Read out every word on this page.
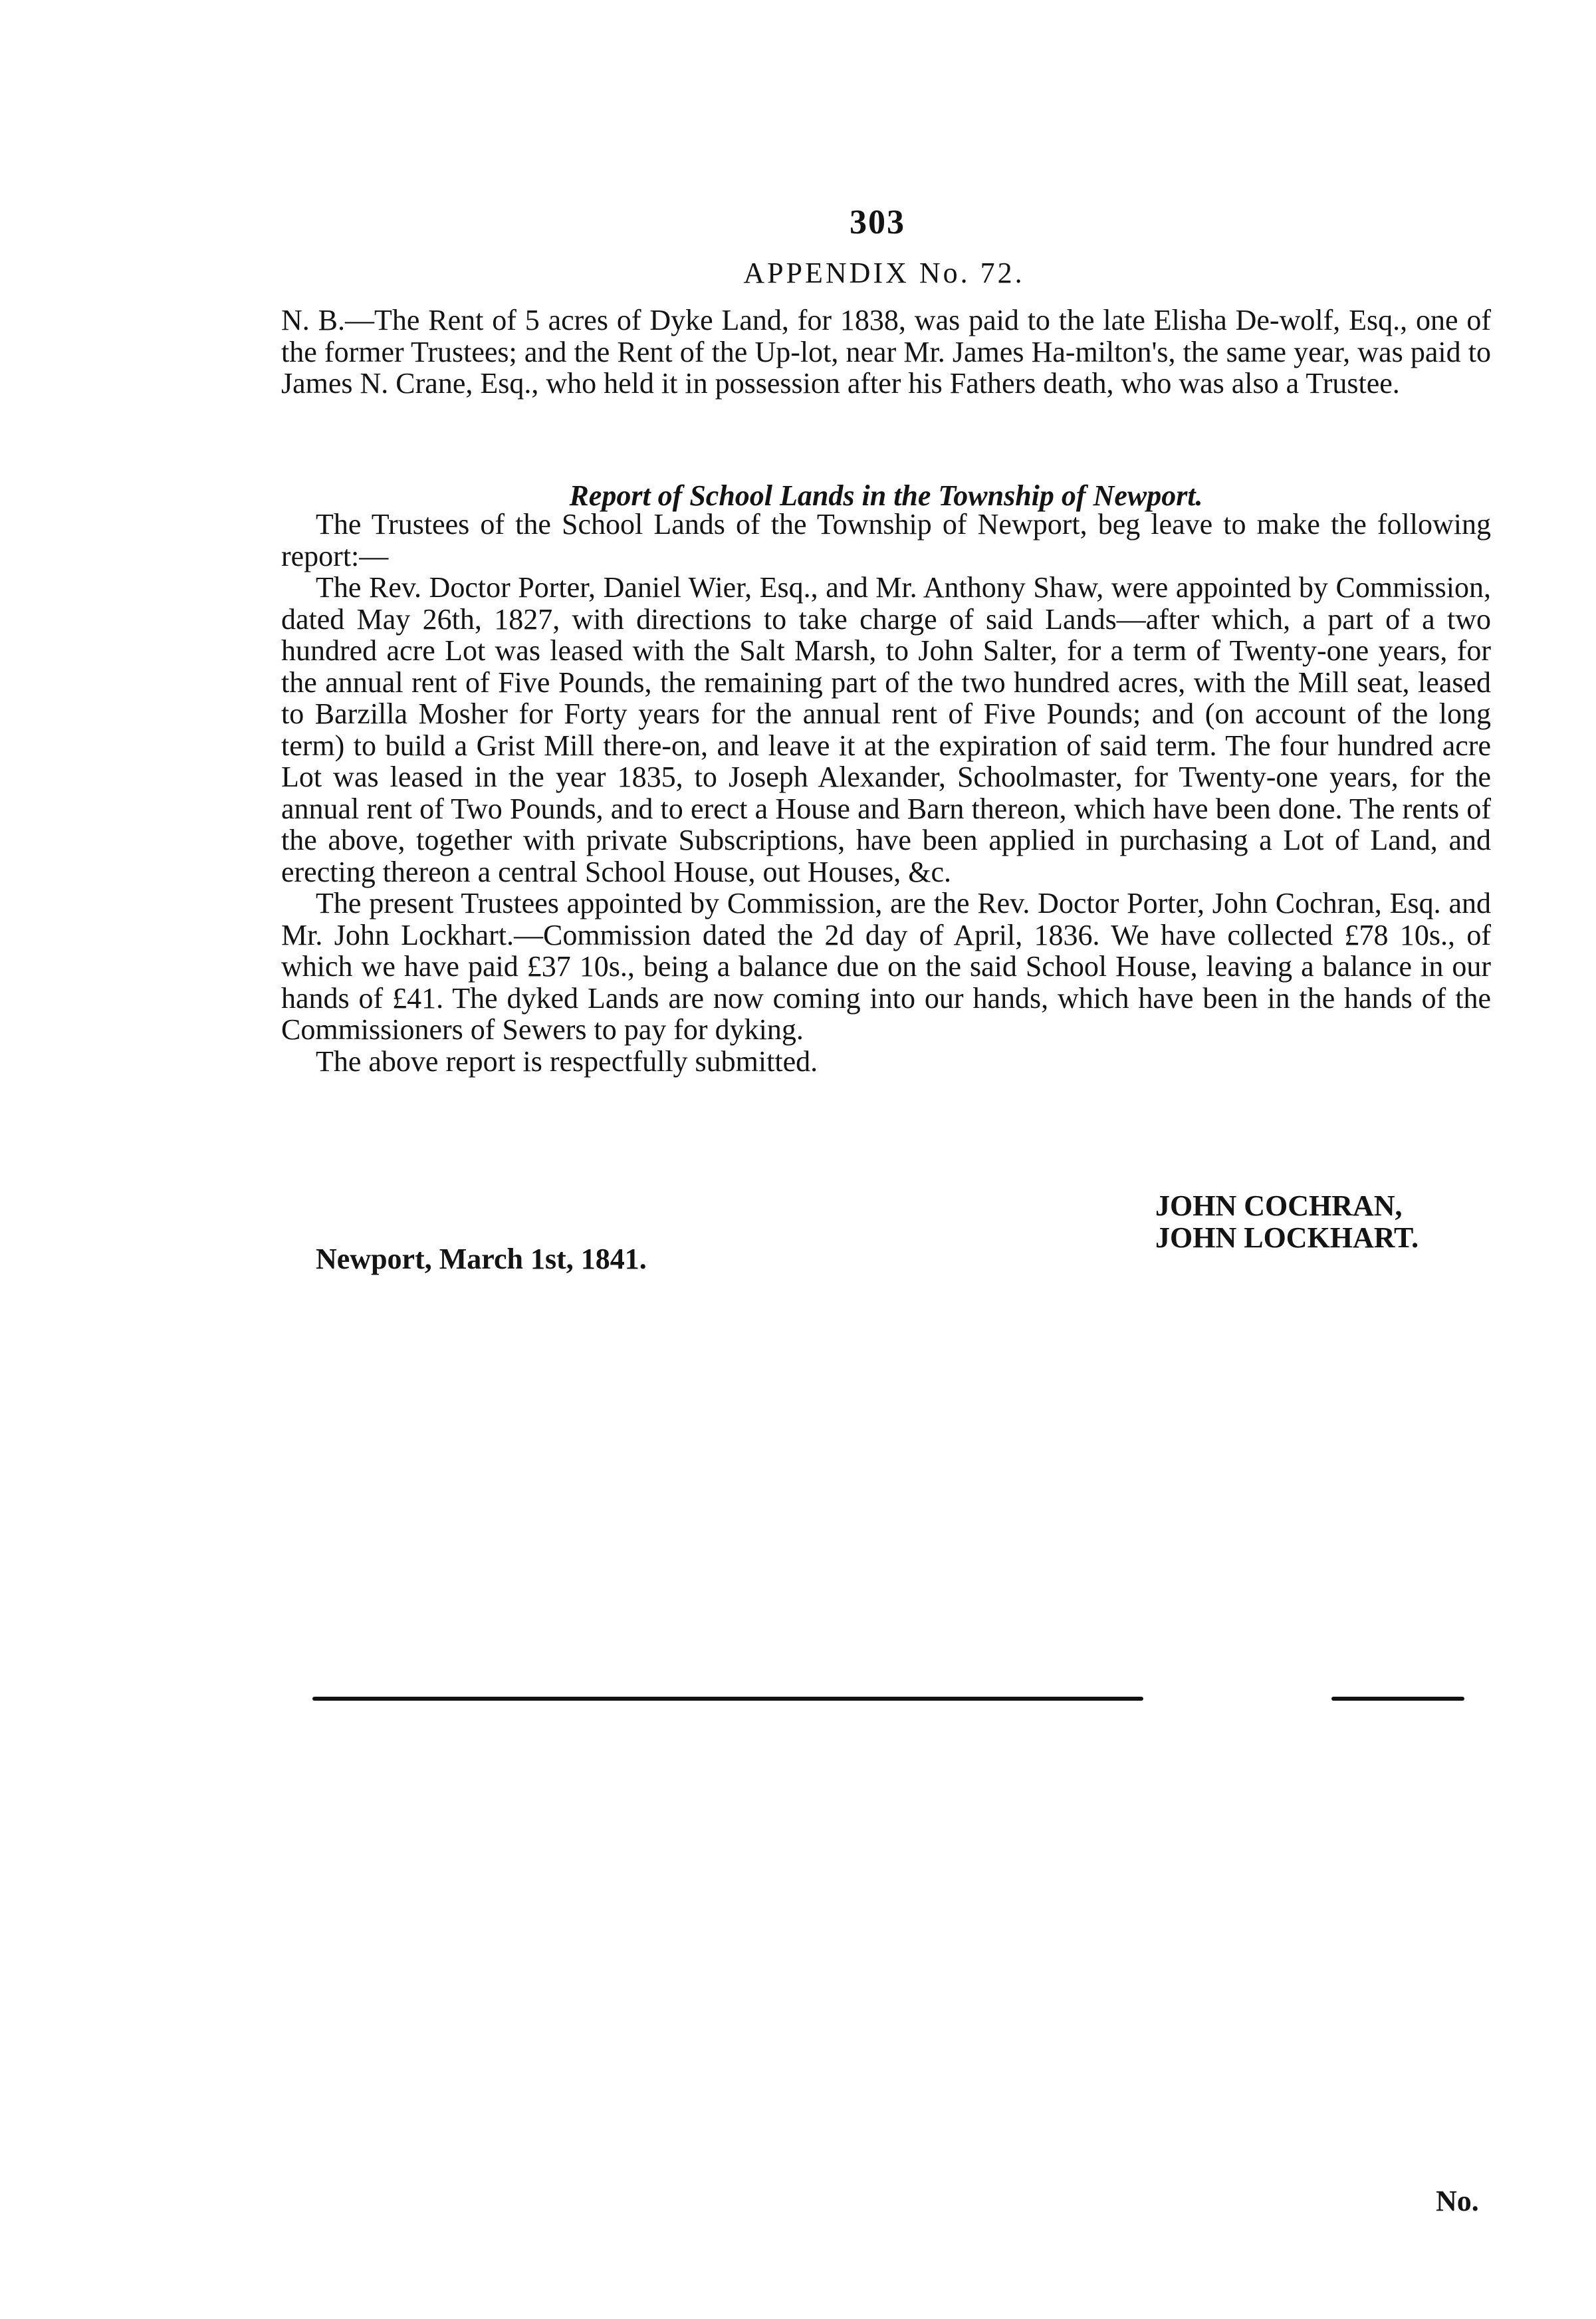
303
APPENDIX No. 72.
N. B.—The Rent of 5 acres of Dyke Land, for 1838, was paid to the late Elisha De-wolf, Esq., one of the former Trustees; and the Rent of the Up-lot, near Mr. James Ha-milton's, the same year, was paid to James N. Crane, Esq., who held it in possession after his Fathers death, who was also a Trustee.
Report of School Lands in the Township of Newport.

The Trustees of the School Lands of the Township of Newport, beg leave to make the following report:—

The Rev. Doctor Porter, Daniel Wier, Esq., and Mr. Anthony Shaw, were appointed by Commission, dated May 26th, 1827, with directions to take charge of said Lands—after which, a part of a two hundred acre Lot was leased with the Salt Marsh, to John Salter, for a term of Twenty-one years, for the annual rent of Five Pounds, the remaining part of the two hundred acres, with the Mill seat, leased to Barzilla Mosher for Forty years for the annual rent of Five Pounds; and (on account of the long term) to build a Grist Mill there-on, and leave it at the expiration of said term. The four hundred acre Lot was leased in the year 1835, to Joseph Alexander, Schoolmaster, for Twenty-one years, for the annual rent of Two Pounds, and to erect a House and Barn thereon, which have been done. The rents of the above, together with private Subscriptions, have been applied in purchasing a Lot of Land, and erecting thereon a central School House, out Houses, &c.

The present Trustees appointed by Commission, are the Rev. Doctor Porter, John Cochran, Esq. and Mr. John Lockhart.—Commission dated the 2d day of April, 1836. We have collected £78 10s., of which we have paid £37 10s., being a balance due on the said School House, leaving a balance in our hands of £41. The dyked Lands are now coming into our hands, which have been in the hands of the Commissioners of Sewers to pay for dyking.

The above report is respectfully submitted.

JOHN COCHRAN,
JOHN LOCKHART.
Newport, March 1st, 1841.
No.
